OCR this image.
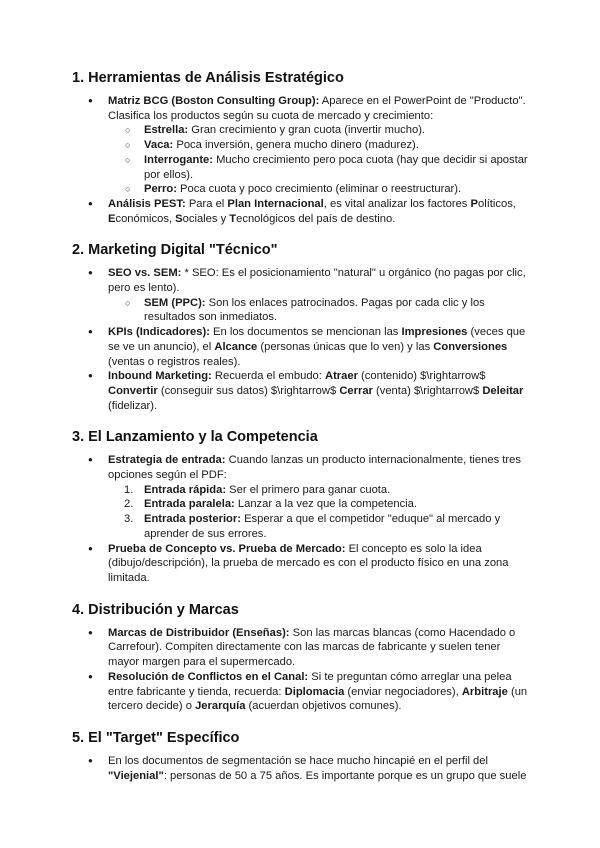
1. Herramientas de Análisis Estratégico
● Matriz BCG (Boston Consulting Group): Aparece en el PowerPoint de "Producto". Clasifica los productos según su cuota de mercado y crecimiento:
○ Estrella: Gran crecimiento y gran cuota (invertir mucho).
○ Vaca: Poca inversión, genera mucho dinero (madurez).
○ Interrogante: Mucho crecimiento pero poca cuota (hay que decidir si apostar por ellos).
○ Perro: Poca cuota y poco crecimiento (eliminar o reestructurar).
● Análisis PEST: Para el Plan Internacional, es vital analizar los factores Políticos, Económicos, Sociales y Tecnológicos del país de destino.
2. Marketing Digital "Técnico"
● SEO vs. SEM: * SEO: Es el posicionamiento "natural" u orgánico (no pagas por clic, pero es lento).
○ SEM (PPC): Son los enlaces patrocinados. Pagas por cada clic y los resultados son inmediatos.
● KPIs (Indicadores): En los documentos se mencionan las Impresiones (veces que se ve un anuncio), el Alcance (personas únicas que lo ven) y las Conversiones (ventas o registros reales).
● Inbound Marketing: Recuerda el embudo: Atraer (contenido) $\rightarrow$ Convertir (conseguir sus datos) $\rightarrow$ Cerrar (venta) $\rightarrow$ Deleitar (fidelizar).
3. El Lanzamiento y la Competencia
● Estrategia de entrada: Cuando lanzas un producto internacionalmente, tienes tres opciones según el PDF:
1. Entrada rápida: Ser el primero para ganar cuota.
2. Entrada paralela: Lanzar a la vez que la competencia.
3. Entrada posterior: Esperar a que el competidor "eduque" al mercado y aprender de sus errores.
● Prueba de Concepto vs. Prueba de Mercado: El concepto es solo la idea (dibujo/descripción), la prueba de mercado es con el producto físico en una zona limitada.
4. Distribución y Marcas
● Marcas de Distribuidor (Enseñas): Son las marcas blancas (como Hacendado o Carrefour). Compiten directamente con las marcas de fabricante y suelen tener mayor margen para el supermercado.
● Resolución de Conflictos en el Canal: Si te preguntan cómo arreglar una pelea entre fabricante y tienda, recuerda: Diplomacia (enviar negociadores), Arbitraje (un tercero decide) o Jerarquía (acuerdan objetivos comunes).
5. El "Target" Específico
● En los documentos de segmentación se hace mucho hincapié en el perfil del "Viejenial": personas de 50 a 75 años. Es importante porque es un grupo que suele
